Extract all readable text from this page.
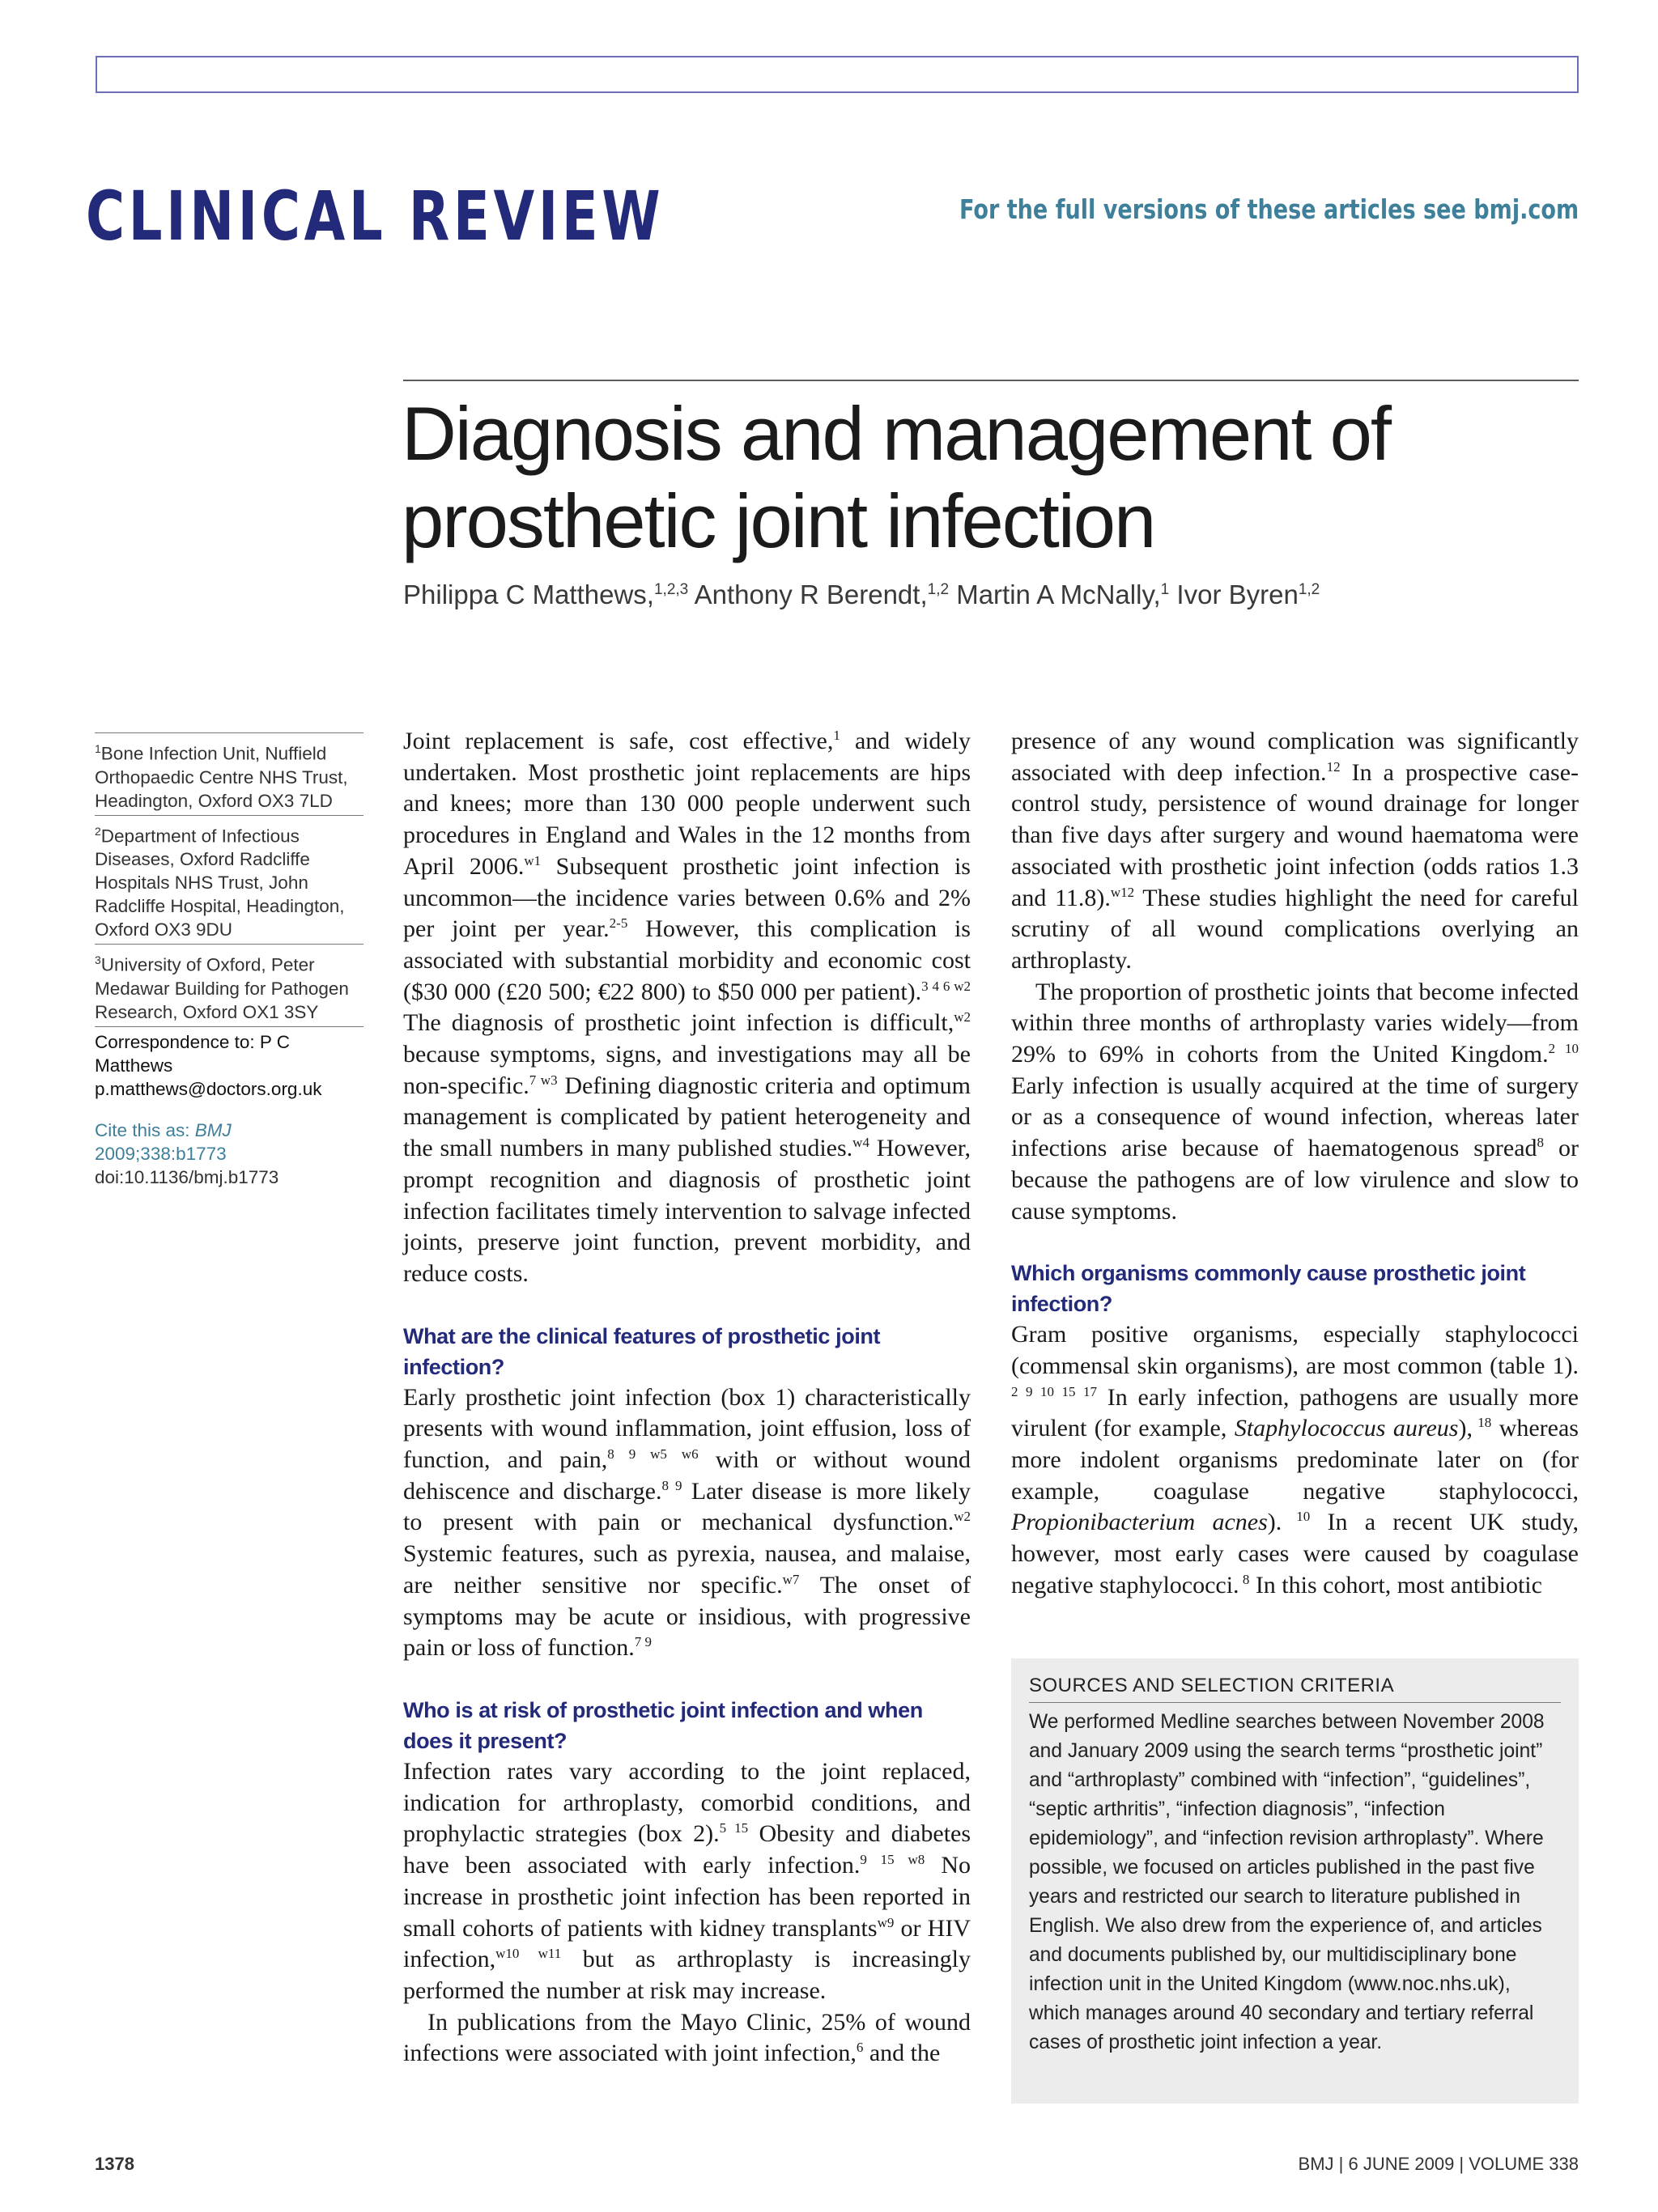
CLINICAL REVIEW	For the full versions of these articles see bmj.com
Diagnosis and management of
prosthetic joint infection
Philippa C Matthews,$^{1,2,3}$ Anthony R Berendt,$^{1,2}$ Martin A McNally,$^1$ Ivor Byren$^{1,2}$
$^1$Bone Infection Unit, Nuffield Orthopaedic Centre NHS Trust, Headington, Oxford OX3 7LD
$^2$Department of Infectious Diseases, Oxford Radcliffe Hospitals NHS Trust, John Radcliffe Hospital, Headington, Oxford OX3 9DU
$^3$University of Oxford, Peter Medawar Building for Pathogen Research, Oxford OX1 3SY
Correspondence to: P C Matthews
p.matthews@doctors.org.uk
Cite this as: BMJ 2009;338:b1773
doi:10.1136/bmj.b1773

Joint replacement is safe, cost effective,$^1$ and widely undertaken. Most prosthetic joint replacements are hips and knees; more than 130 000 people underwent such procedures in England and Wales in the 12 months from April 2006.$^{w1}$ Subsequent prosthetic joint infection is uncommon—the incidence varies between 0.6% and 2% per joint per year.$^{2-5}$ However, this complication is associated with substantial morbidity and economic cost ($30 000 (£20 500; €22 800) to $50 000 per patient).$^{3 4 6 w2}$ The diagnosis of prosthetic joint infection is difficult,$^{w2}$ because symptoms, signs, and investigations may all be non-specific.$^{7 w3}$ Defining diagnostic criteria and optimum management is complicated by patient heterogeneity and the small numbers in many published studies.$^{w4}$ However, prompt recognition and diagnosis of prosthetic joint infection facilitates timely intervention to salvage infected joints, preserve joint function, prevent morbidity, and reduce costs.

What are the clinical features of prosthetic joint infection?

Early prosthetic joint infection (box 1) characteristically presents with wound inflammation, joint effusion, loss of function, and pain,$^{8 9 w5 w6}$ with or without wound dehiscence and discharge.$^{8 9}$ Later disease is more likely to present with pain or mechanical dysfunction.$^{w2}$ Systemic features, such as pyrexia, nausea, and malaise, are neither sensitive nor specific.$^{w7}$ The onset of symptoms may be acute or insidious, with progressive pain or loss of function.$^{7 9}$

Who is at risk of prosthetic joint infection and when does it present?

Infection rates vary according to the joint replaced, indication for arthroplasty, comorbid conditions, and prophylactic strategies (box 2).$^{5 15}$ Obesity and diabetes have been associated with early infection.$^{9 15 w8}$ No increase in prosthetic joint infection has been reported in small cohorts of patients with kidney transplants$^{w9}$ or HIV infection,$^{w10 w11}$ but as arthroplasty is increasingly performed the number at risk may increase.

In publications from the Mayo Clinic, 25% of wound infections were associated with joint infection,$^6$ and the

presence of any wound complication was significantly associated with deep infection.$^{12}$ In a prospective case-control study, persistence of wound drainage for longer than five days after surgery and wound haematoma were associated with prosthetic joint infection (odds ratios 1.3 and 11.8).$^{w12}$ These studies highlight the need for careful scrutiny of all wound complications overlying an arthroplasty.

The proportion of prosthetic joints that become infected within three months of arthroplasty varies widely—from 29% to 69% in cohorts from the United Kingdom.$^{2 10}$ Early infection is usually acquired at the time of surgery or as a consequence of wound infection, whereas later infections arise because of haematogenous spread$^8$ or because the pathogens are of low virulence and slow to cause symptoms.

Which organisms commonly cause prosthetic joint infection?

Gram positive organisms, especially staphylococci (commensal skin organisms), are most common (table 1). $^{2 9 10 15 17}$ In early infection, pathogens are usually more virulent (for example, Staphylococcus aureus), $^{18}$ whereas more indolent organisms predominate later on (for example, coagulase negative staphylococci, Propionibacterium acnes). $^{10}$ In a recent UK study, however, most early cases were caused by coagulase negative staphylococci. $^8$ In this cohort, most antibiotic

SOURCES AND SELECTION CRITERIA
We performed Medline searches between November 2008 and January 2009 using the search terms “prosthetic joint” and “arthroplasty” combined with “infection”, “guidelines”, “septic arthritis”, “infection diagnosis”, “infection epidemiology”, and “infection revision arthroplasty”. Where possible, we focused on articles published in the past five years and restricted our search to literature published in English. We also drew from the experience of, and articles and documents published by, our multidisciplinary bone infection unit in the United Kingdom (www.noc.nhs.uk), which manages around 40 secondary and tertiary referral cases of prosthetic joint infection a year.
1378	BMJ | 6 JUNE 2009 | VOLUME 338
